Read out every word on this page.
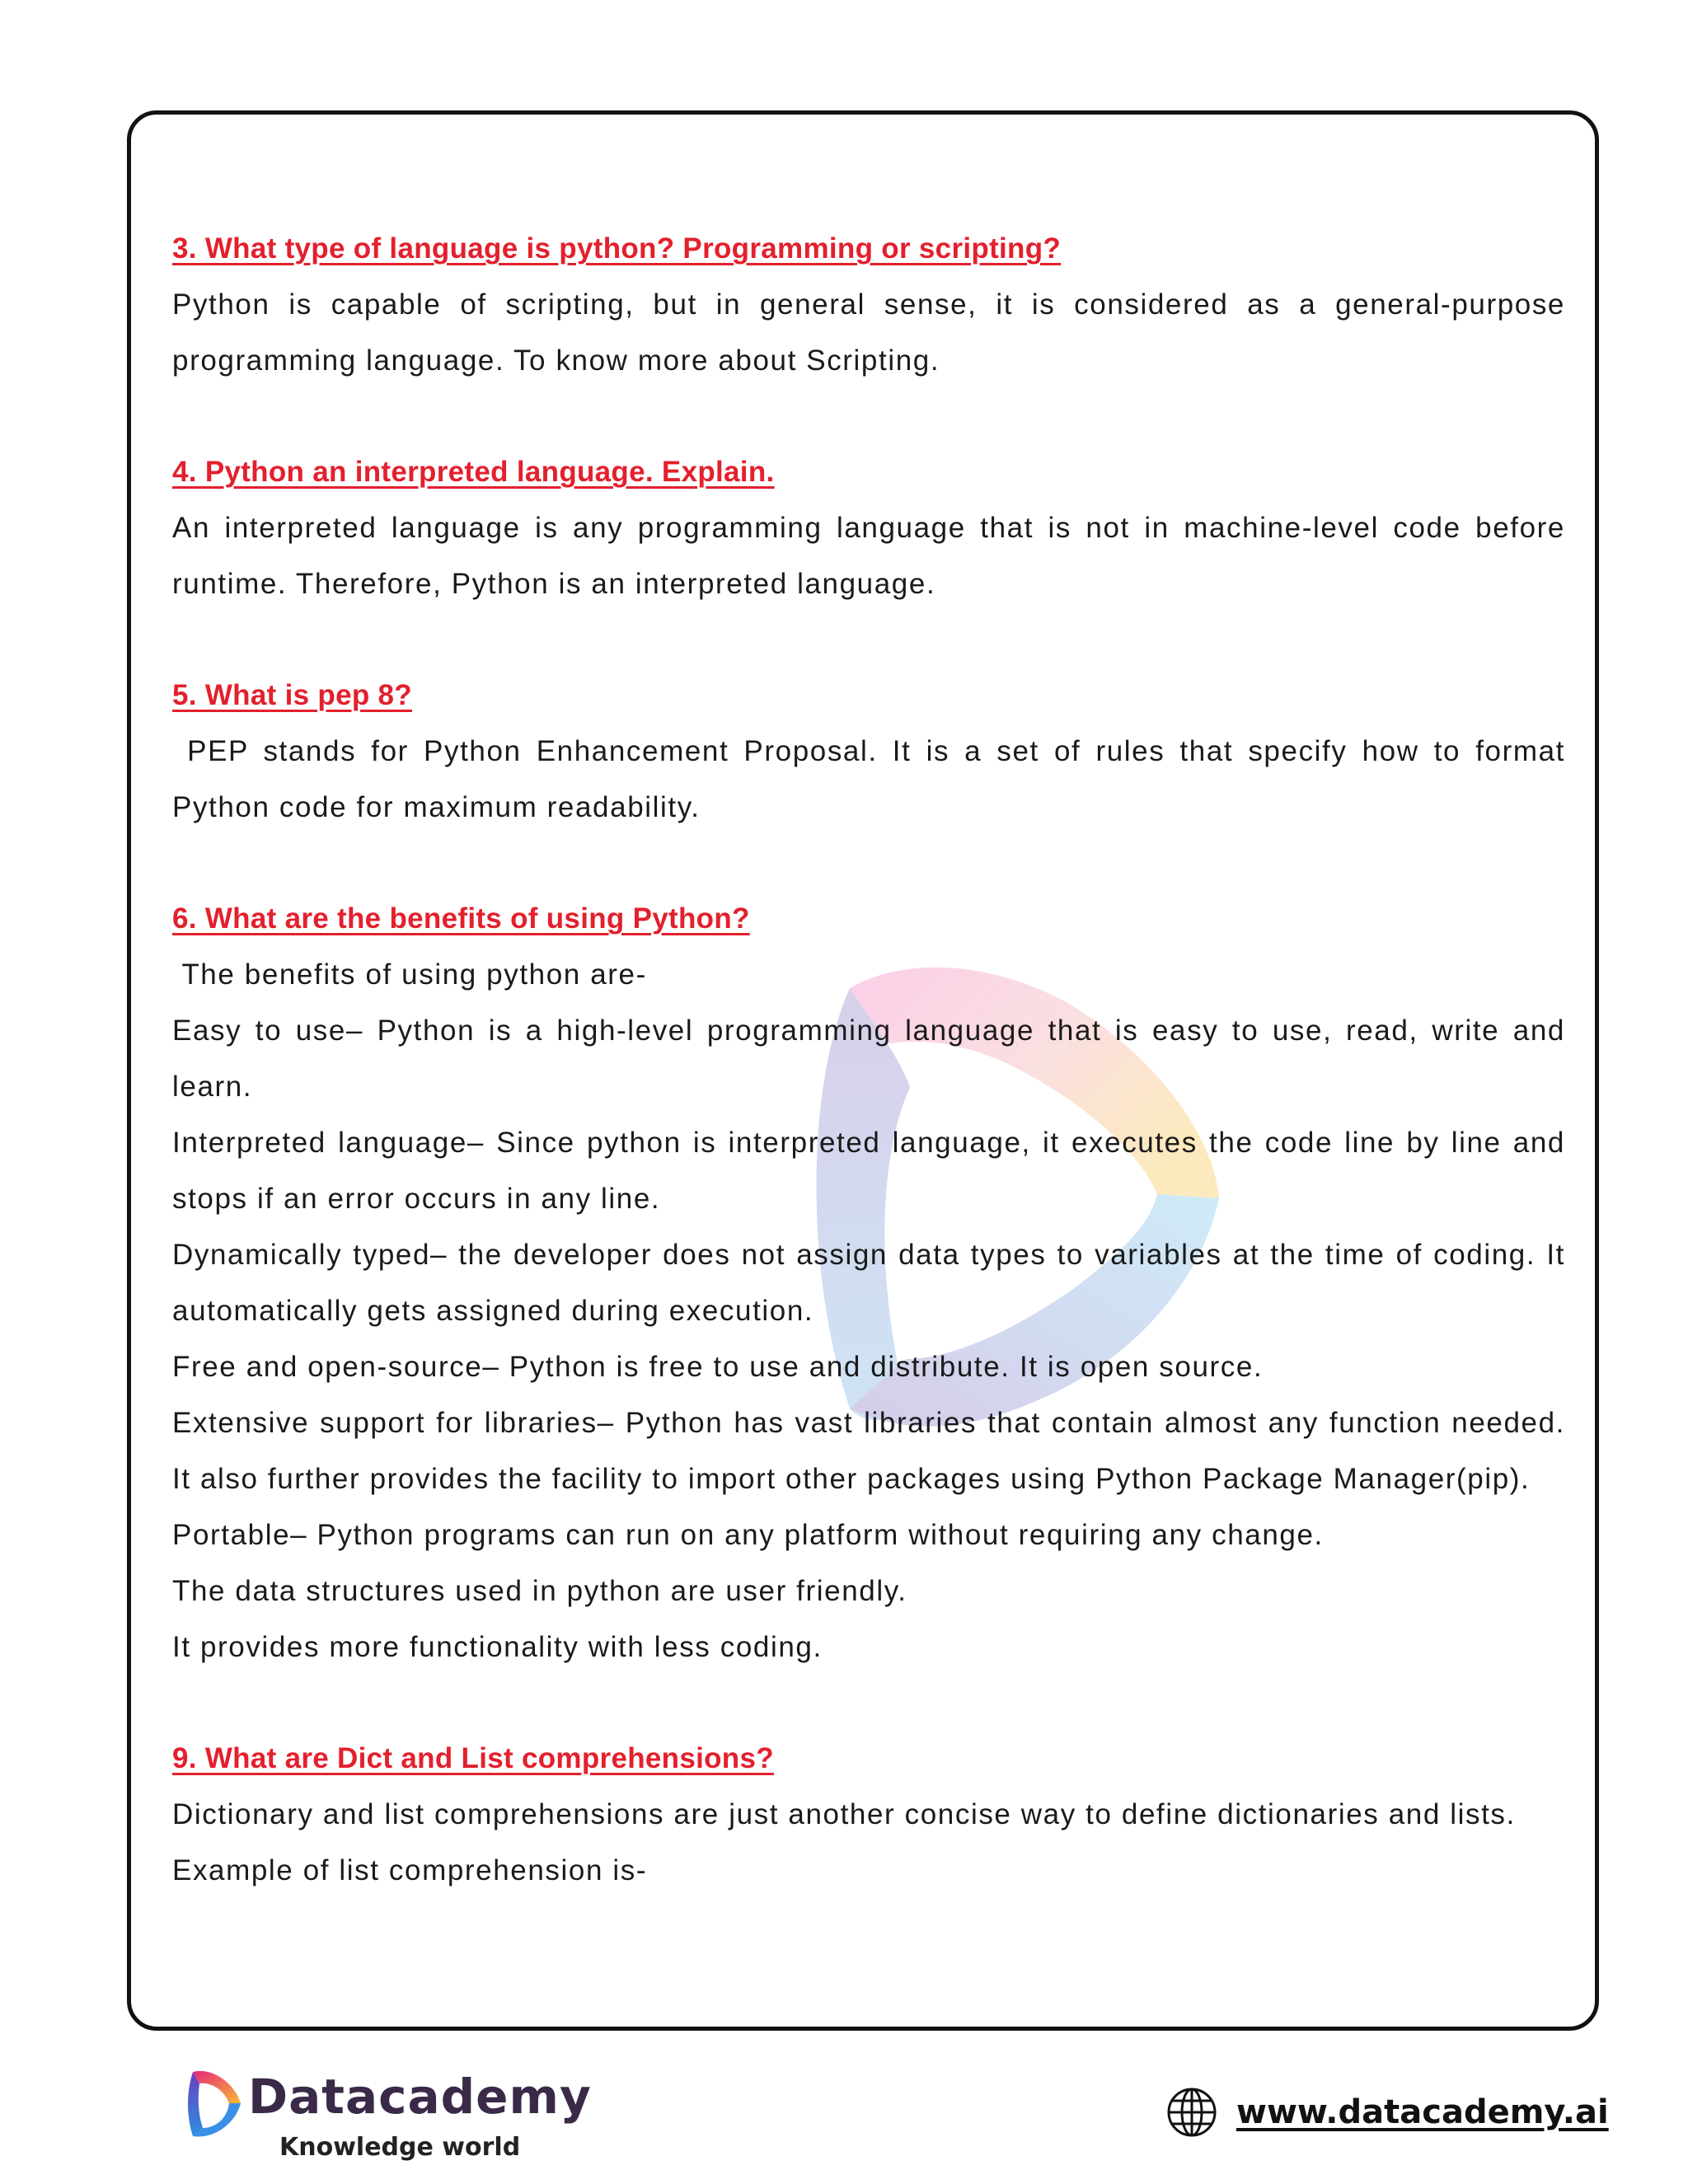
3. What type of language is python? Programming or scripting?

Python is capable of scripting, but in general sense, it is considered as a general-purpose programming language. To know more about Scripting.

4. Python an interpreted language. Explain.

An interpreted language is any programming language that is not in machine-level code before runtime. Therefore, Python is an interpreted language.

5. What is pep 8?

PEP stands for Python Enhancement Proposal. It is a set of rules that specify how to format Python code for maximum readability.

6. What are the benefits of using Python?

The benefits of using python are-

Easy to use– Python is a high-level programming language that is easy to use, read, write and learn.

Interpreted language– Since python is interpreted language, it executes the code line by line and stops if an error occurs in any line.

Dynamically typed– the developer does not assign data types to variables at the time of coding. It automatically gets assigned during execution.

Free and open-source– Python is free to use and distribute. It is open source.

Extensive support for libraries– Python has vast libraries that contain almost any function needed. It also further provides the facility to import other packages using Python Package Manager(pip).

Portable– Python programs can run on any platform without requiring any change.

The data structures used in python are user friendly.

It provides more functionality with less coding.

9. What are Dict and List comprehensions?

Dictionary and list comprehensions are just another concise way to define dictionaries and lists.

Example of list comprehension is-

Datacademy
Knowledge world
www.datacademy.ai
